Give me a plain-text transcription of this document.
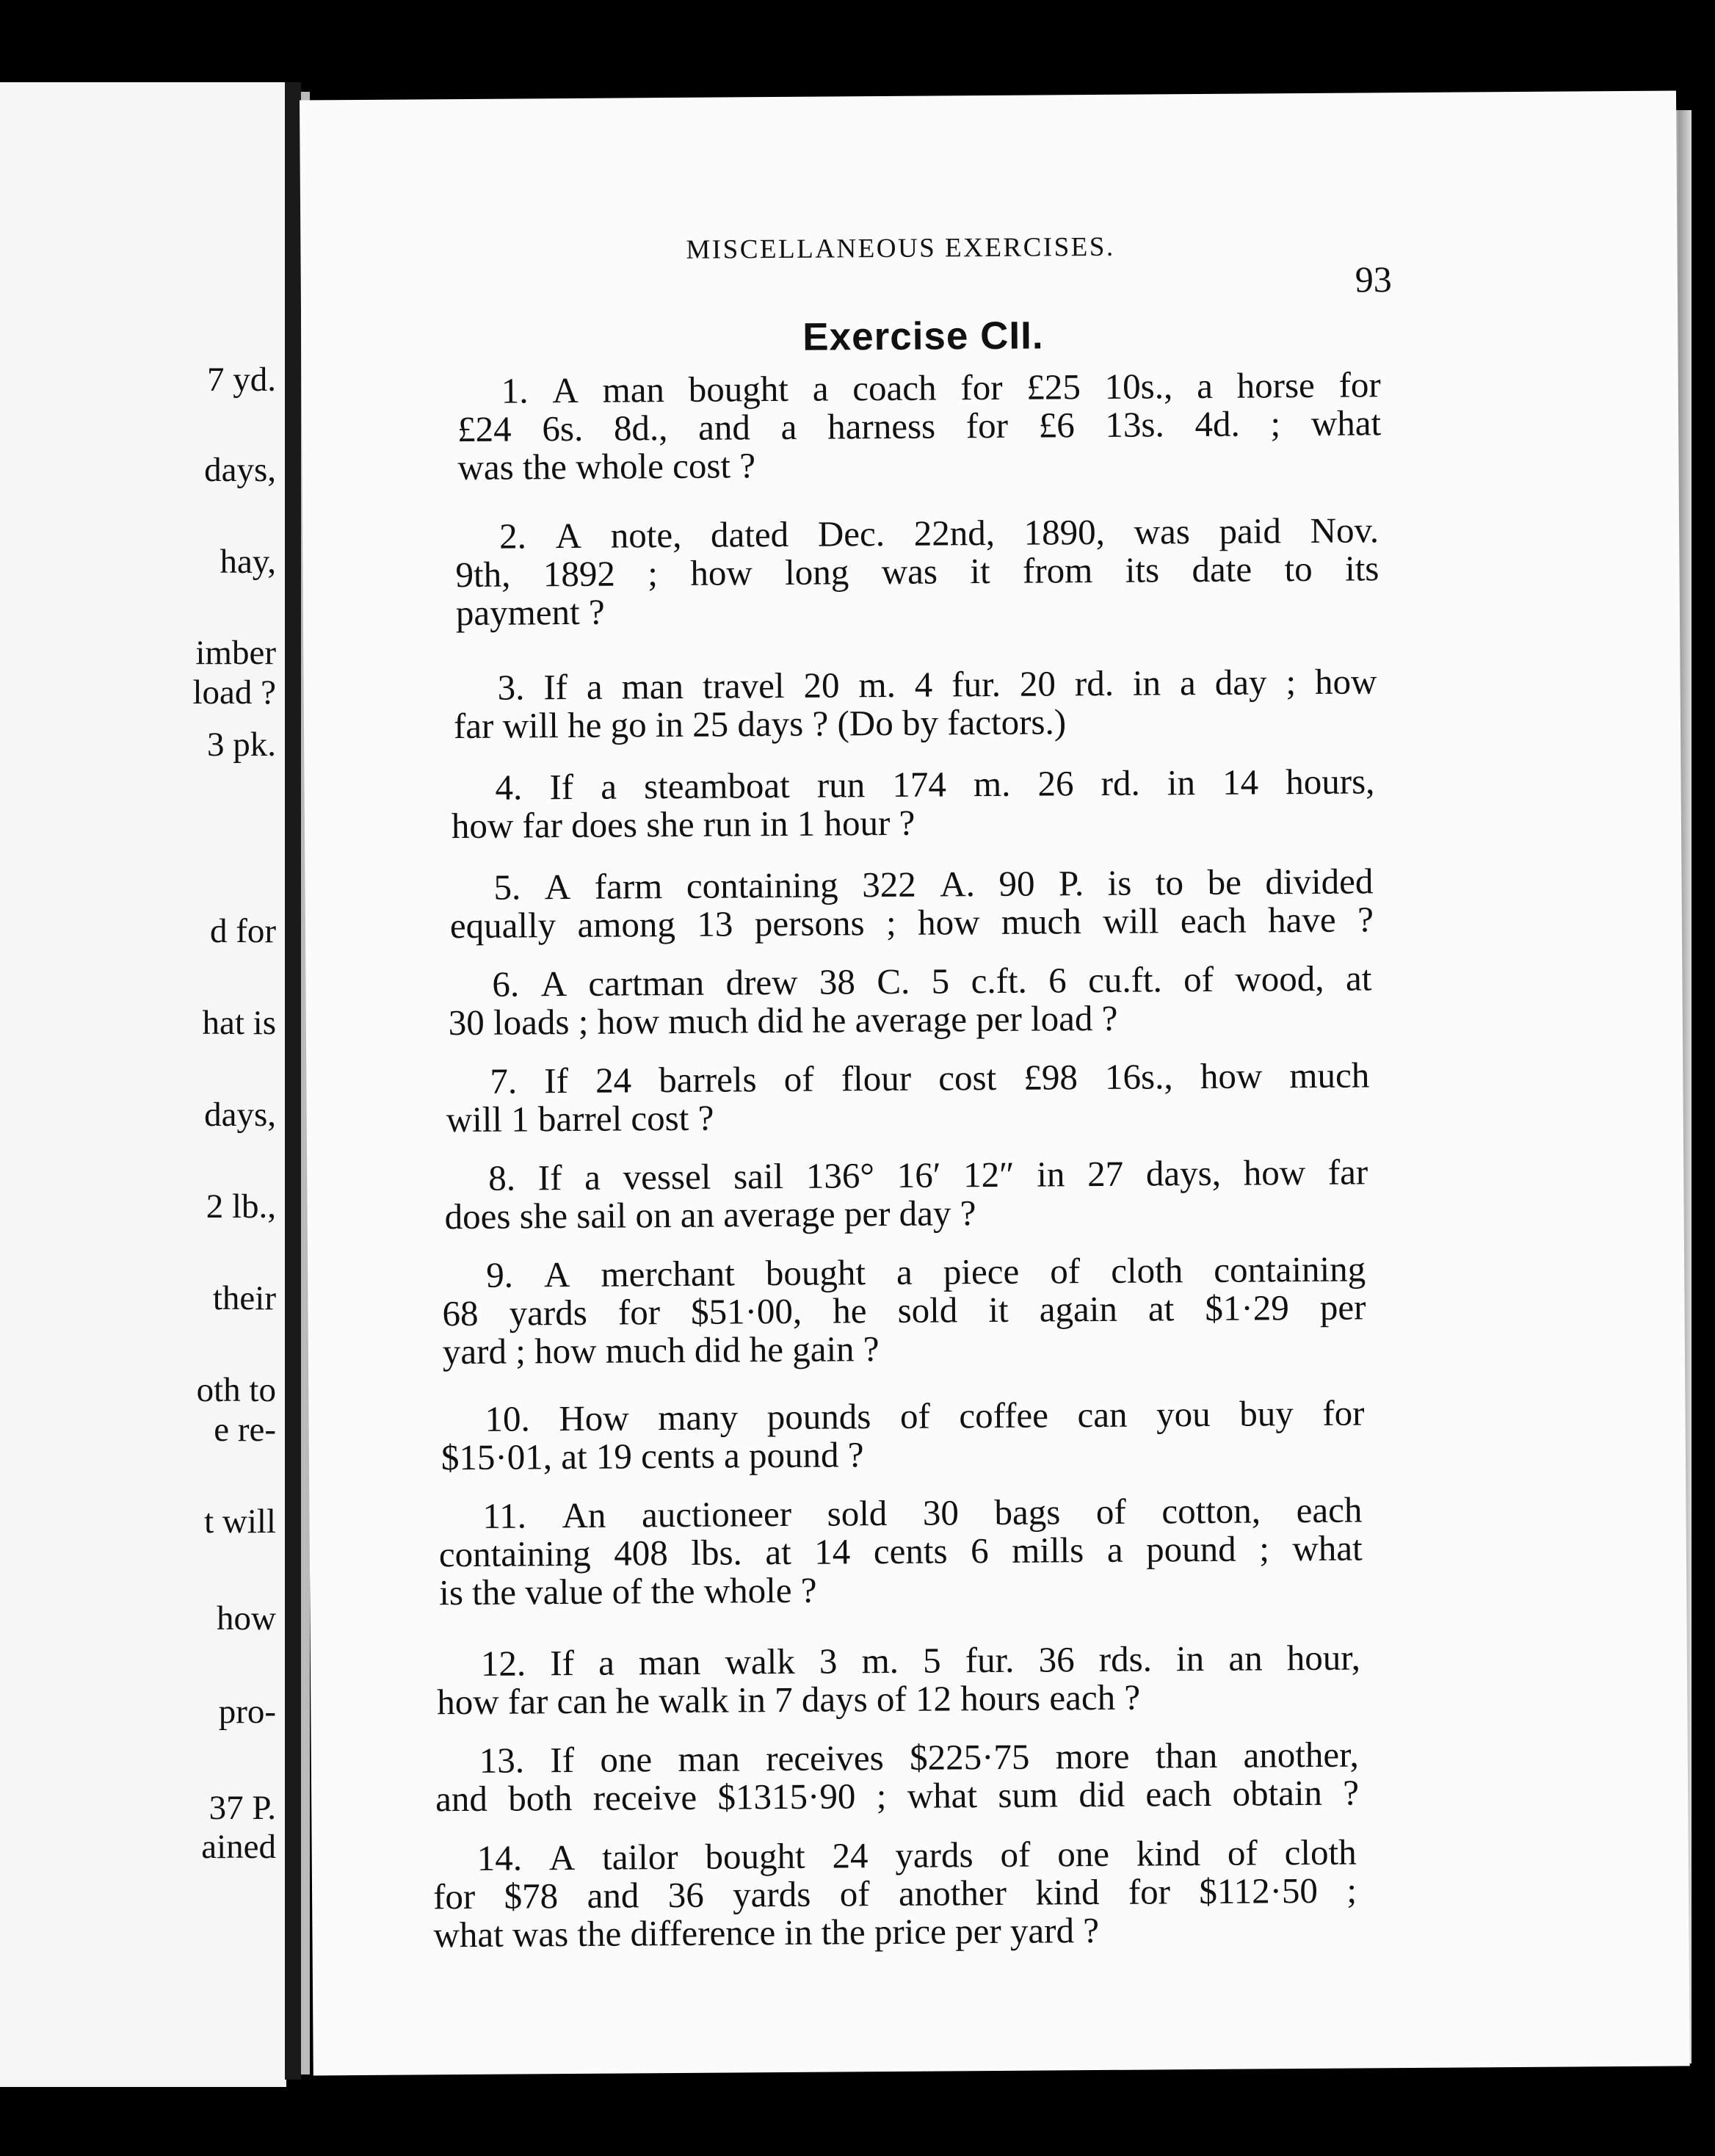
7 yd.
days,
hay,
imber
load ?
3 pk.
d for
hat is
days,
2 lb.,
their
oth to
e re-
t will
how
pro-
37 P.
ained
MISCELLANEOUS EXERCISES.
93
Exercise CII.
1. A man bought a coach for £25 10s., a horse for
£24 6s. 8d., and a harness for £6 13s. 4d. ; what
was the whole cost ?
2. A note, dated Dec. 22nd, 1890, was paid Nov.
9th, 1892 ; how long was it from its date to its
payment ?
3. If a man travel 20 m. 4 fur. 20 rd. in a day ; how
far will he go in 25 days ? (Do by factors.)
4. If a steamboat run 174 m. 26 rd. in 14 hours,
how far does she run in 1 hour ?
5. A farm containing 322 A. 90 P. is to be divided
equally among 13 persons ; how much will each have ?
6. A cartman drew 38 C. 5 c.ft. 6 cu.ft. of wood, at
30 loads ; how much did he average per load ?
7. If 24 barrels of flour cost £98 16s., how much
will 1 barrel cost ?
8. If a vessel sail 136° 16′ 12″ in 27 days, how far
does she sail on an average per day ?
9. A merchant bought a piece of cloth containing
68 yards for $51·00, he sold it again at $1·29 per
yard ; how much did he gain ?
10. How many pounds of coffee can you buy for
$15·01, at 19 cents a pound ?
11. An auctioneer sold 30 bags of cotton, each
containing 408 lbs. at 14 cents 6 mills a pound ; what
is the value of the whole ?
12. If a man walk 3 m. 5 fur. 36 rds. in an hour,
how far can he walk in 7 days of 12 hours each ?
13. If one man receives $225·75 more than another,
and both receive $1315·90 ; what sum did each obtain ?
14. A tailor bought 24 yards of one kind of cloth
for $78 and 36 yards of another kind for $112·50 ;
what was the difference in the price per yard ?
